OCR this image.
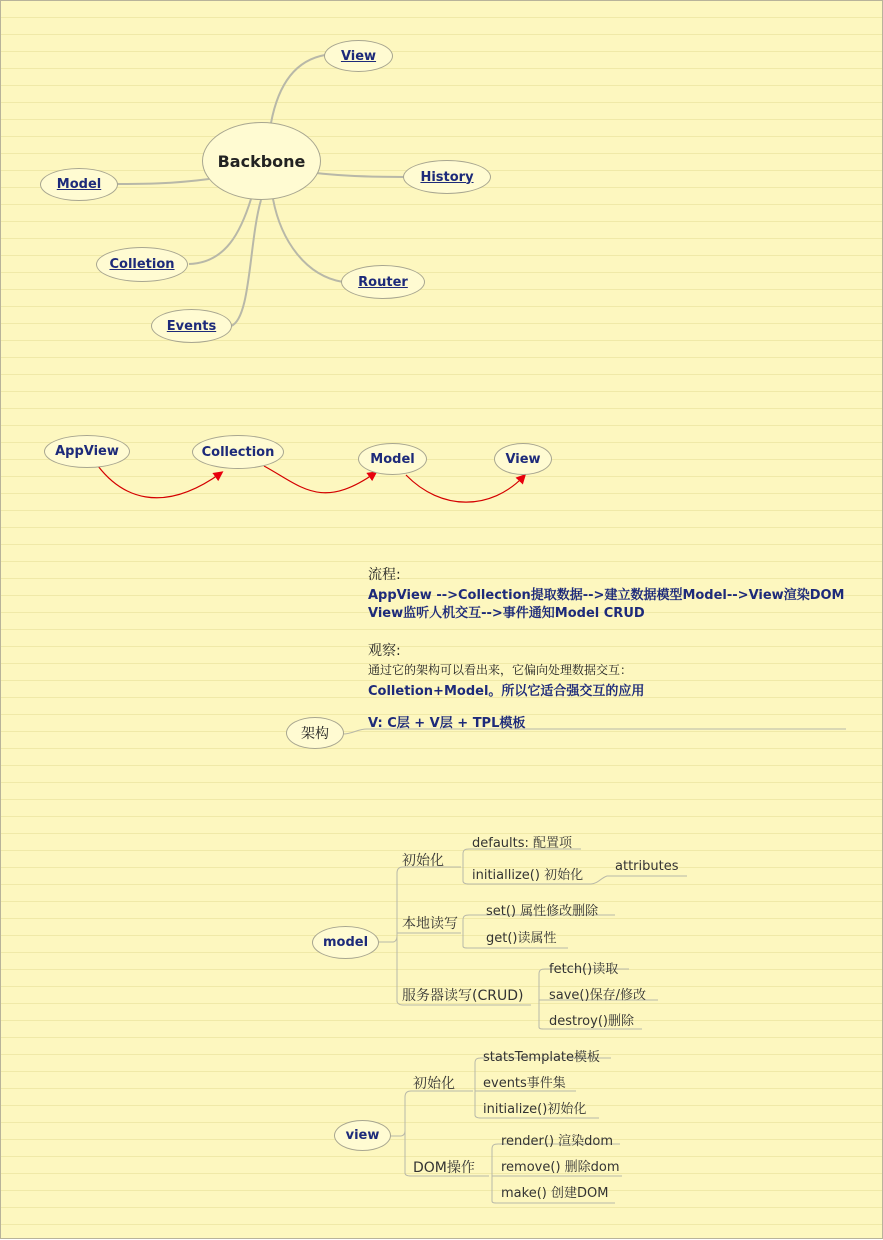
Backbone
View
History
Router
Model
Colletion
Events
AppView	Collection	Model	View
流程:
AppView -->Collection提取数据-->建立数据模型Model-->View渲染DOM
View监听人机交互-->事件通知Model CRUD
观察:
通过它的架构可以看出来，它偏向处理数据交互：
Colletion+Model。所以它适合强交互的应用
V: C层 + V层 + TPL模板
架构
model
初始化
defaults: 配置项
initiallize() 初始化
attributes
本地读写
set() 属性修改删除
get()读属性
服务器读写(CRUD)
fetch()读取
save()保存/修改
destroy()删除
view
初始化
statsTemplate模板
events事件集
initialize()初始化
DOM操作
render() 渲染dom
remove() 删除dom
make() 创建DOM
